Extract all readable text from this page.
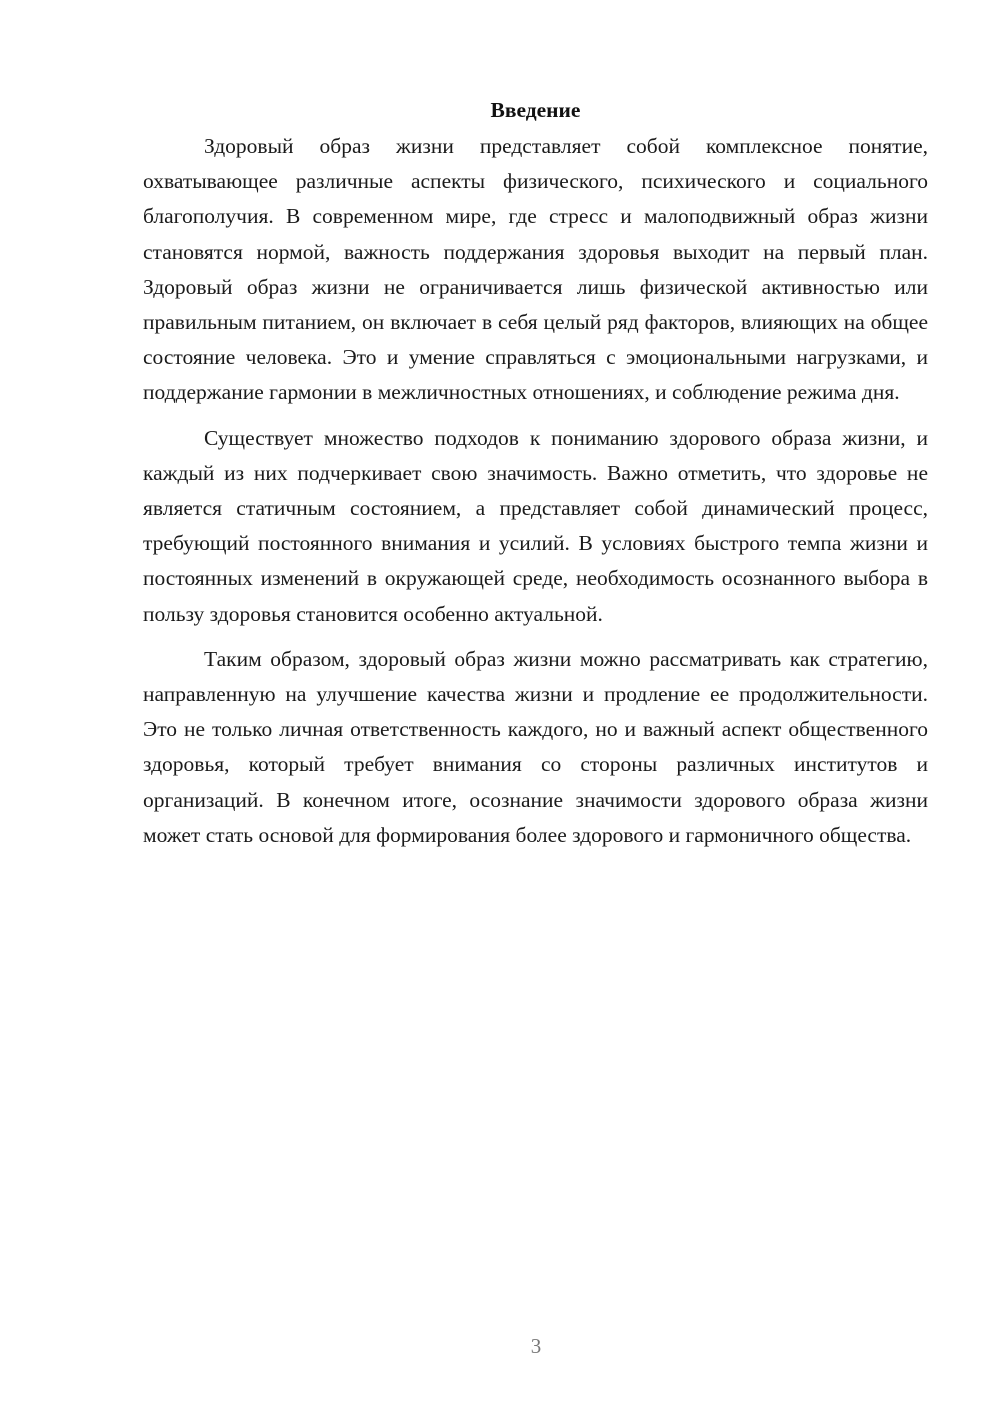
Введение

Здоровый образ жизни представляет собой комплексное понятие, охватывающее различные аспекты физического, психического и социального благополучия. В современном мире, где стресс и малоподвижный образ жизни становятся нормой, важность поддержания здоровья выходит на первый план. Здоровый образ жизни не ограничивается лишь физической активностью или правильным питанием, он включает в себя целый ряд факторов, влияющих на общее состояние человека. Это и умение справляться с эмоциональными нагрузками, и поддержание гармонии в межличностных отношениях, и соблюдение режима дня.

Существует множество подходов к пониманию здорового образа жизни, и каждый из них подчеркивает свою значимость. Важно отметить, что здоровье не является статичным состоянием, а представляет собой динамический процесс, требующий постоянного внимания и усилий. В условиях быстрого темпа жизни и постоянных изменений в окружающей среде, необходимость осознанного выбора в пользу здоровья становится особенно актуальной.

Таким образом, здоровый образ жизни можно рассматривать как стратегию, направленную на улучшение качества жизни и продление ее продолжительности. Это не только личная ответственность каждого, но и важный аспект общественного здоровья, который требует внимания со стороны различных институтов и организаций. В конечном итоге, осознание значимости здорового образа жизни может стать основой для формирования более здорового и гармоничного общества.

3
